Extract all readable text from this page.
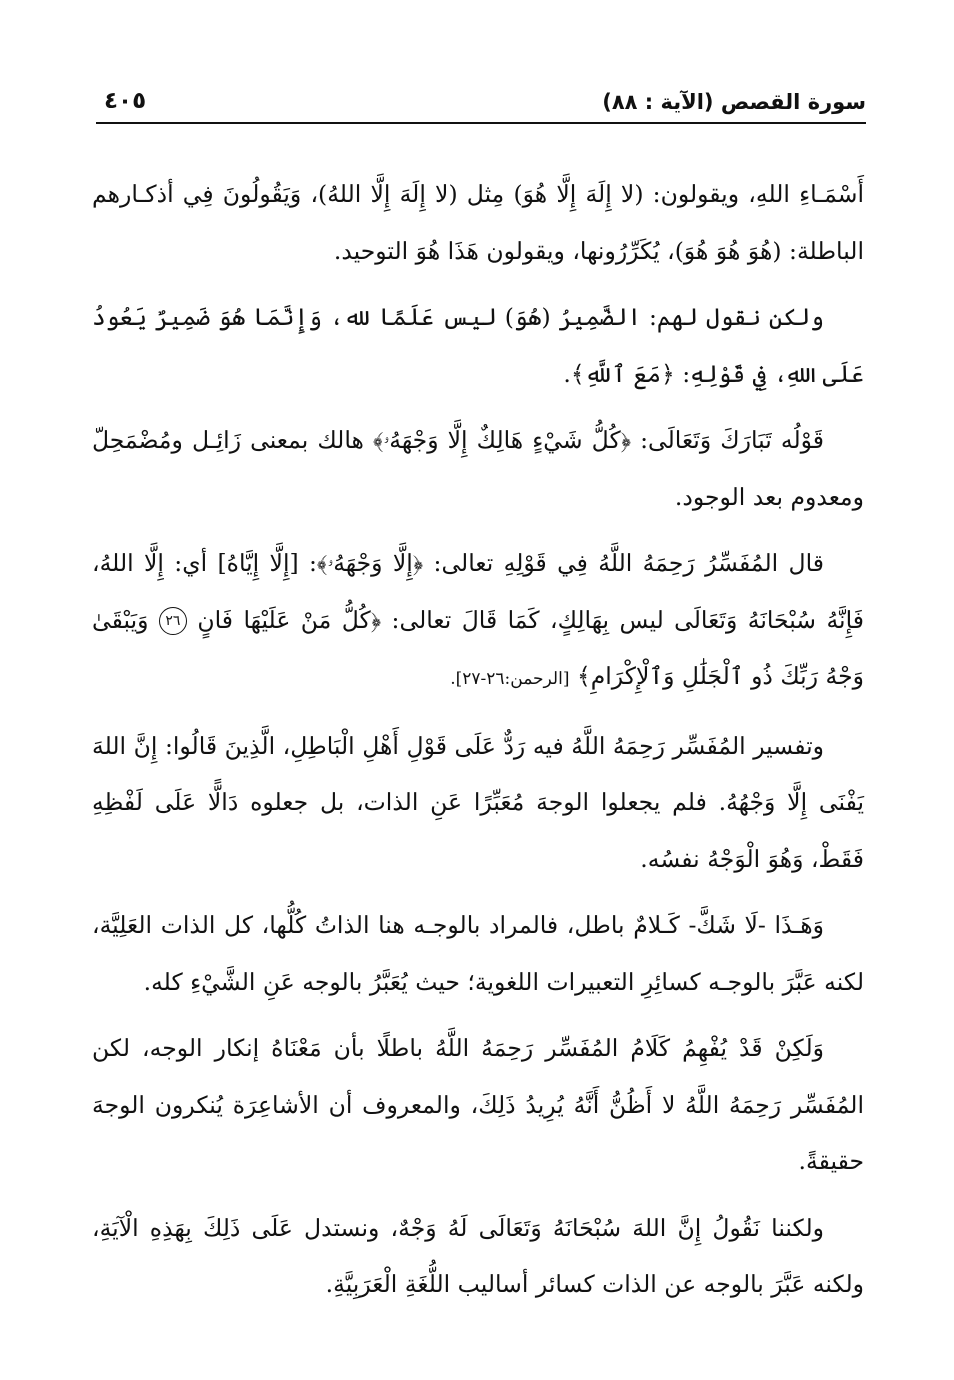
سورة القصص (الآية : ٨٨)
٤٠٥

أَسْمَـاءِ اللهِ، ويقولون: (لا إِلَهَ إِلَّا هُوَ) مِثل (لا إِلَهَ إِلَّا اللهُ)، وَيَقُولُونَ فِي أذكـارهم الباطلة: (هُوَ هُوَ هُوَ)، يُكَرِّرُونها، ويقولون هَذَا هُوَ التوحيد.

ولكن نقول لهم: الضَّمِيرُ (هُوَ) ليس عَلَمًا لله، وَإِنَّمَا هُوَ ضَمِيرٌ يَعُودُ عَلَى اللهِ، فِي قَوْلِهِ: ﴿مَعَ ٱللَّهِ﴾.

قَوْلُه تَبَارَكَ وَتَعَالَى: ﴿كُلُّ شَيْءٍ هَالِكٌ إِلَّا وَجْهَهُۥ﴾ هالك بمعنى زَائِـل ومُضْمَحِلّ ومعدوم بعد الوجود.

قال المُفَسِّرُ رَحِمَهُ اللَّهُ فِي قَوْلِهِ تعالى: ﴿إِلَّا وَجْهَهُۥ﴾: [إِلَّا إِيَّاهُ] أي: إِلَّا اللهُ، فَإِنَّهُ سُبْحَانَهُ وَتَعَالَى ليس بِهَالِكٍ، كَمَا قَالَ تعالى: ﴿كُلُّ مَنْ عَلَيْهَا فَانٍ ٢٦ وَيَبْقَىٰ وَجْهُ رَبِّكَ ذُو ٱلْجَلَٰلِ وَٱلْإِكْرَامِ﴾ [الرحمن:٢٦-٢٧].

وتفسير المُفَسِّر رَحِمَهُ اللَّهُ فيه رَدٌّ عَلَى قَوْلِ أَهْلِ الْبَاطِلِ، الَّذِينَ قَالُوا: إِنَّ اللهَ يَفْنَى إِلَّا وَجْهُهُ. فلم يجعلوا الوجهَ مُعَبِّرًا عَنِ الذات، بل جعلوه دَالًّا عَلَى لَفْظِهِ فَقَطْ، وَهُوَ الْوَجْهُ نفسُه.

وَهَـذَا -لَا شَكَّ- كَـلامٌ باطل، فالمراد بالوجـه هنا الذاتُ كُلُّها، كل الذات العَلِيَّة، لكنه عَبَّرَ بالوجـه كسائِرِ التعبيرات اللغوية؛ حيث يُعَبَّرُ بالوجه عَنِ الشَّيْءِ كله.

وَلَكِنْ قَدْ يُفْهِمُ كَلَامُ المُفَسِّر رَحِمَهُ اللَّهُ باطلًا بأن مَعْنَاهُ إنكار الوجه، لكن المُفَسِّر رَحِمَهُ اللَّهُ لا أَظُنُّ أَنَّهُ يُرِيدُ ذَلِكَ، والمعروف أن الأشاعِرَة يُنكرون الوجهَ حقيقةً.

ولكننا نَقُولُ إِنَّ اللهَ سُبْحَانَهُ وَتَعَالَى لَهُ وَجْهٌ، ونستدل عَلَى ذَلِكَ بِهَذِهِ الْآيَةِ، ولكنه عَبَّرَ بالوجه عن الذات كسائر أساليب اللُّغَةِ الْعَرَبِيَّةِ.
